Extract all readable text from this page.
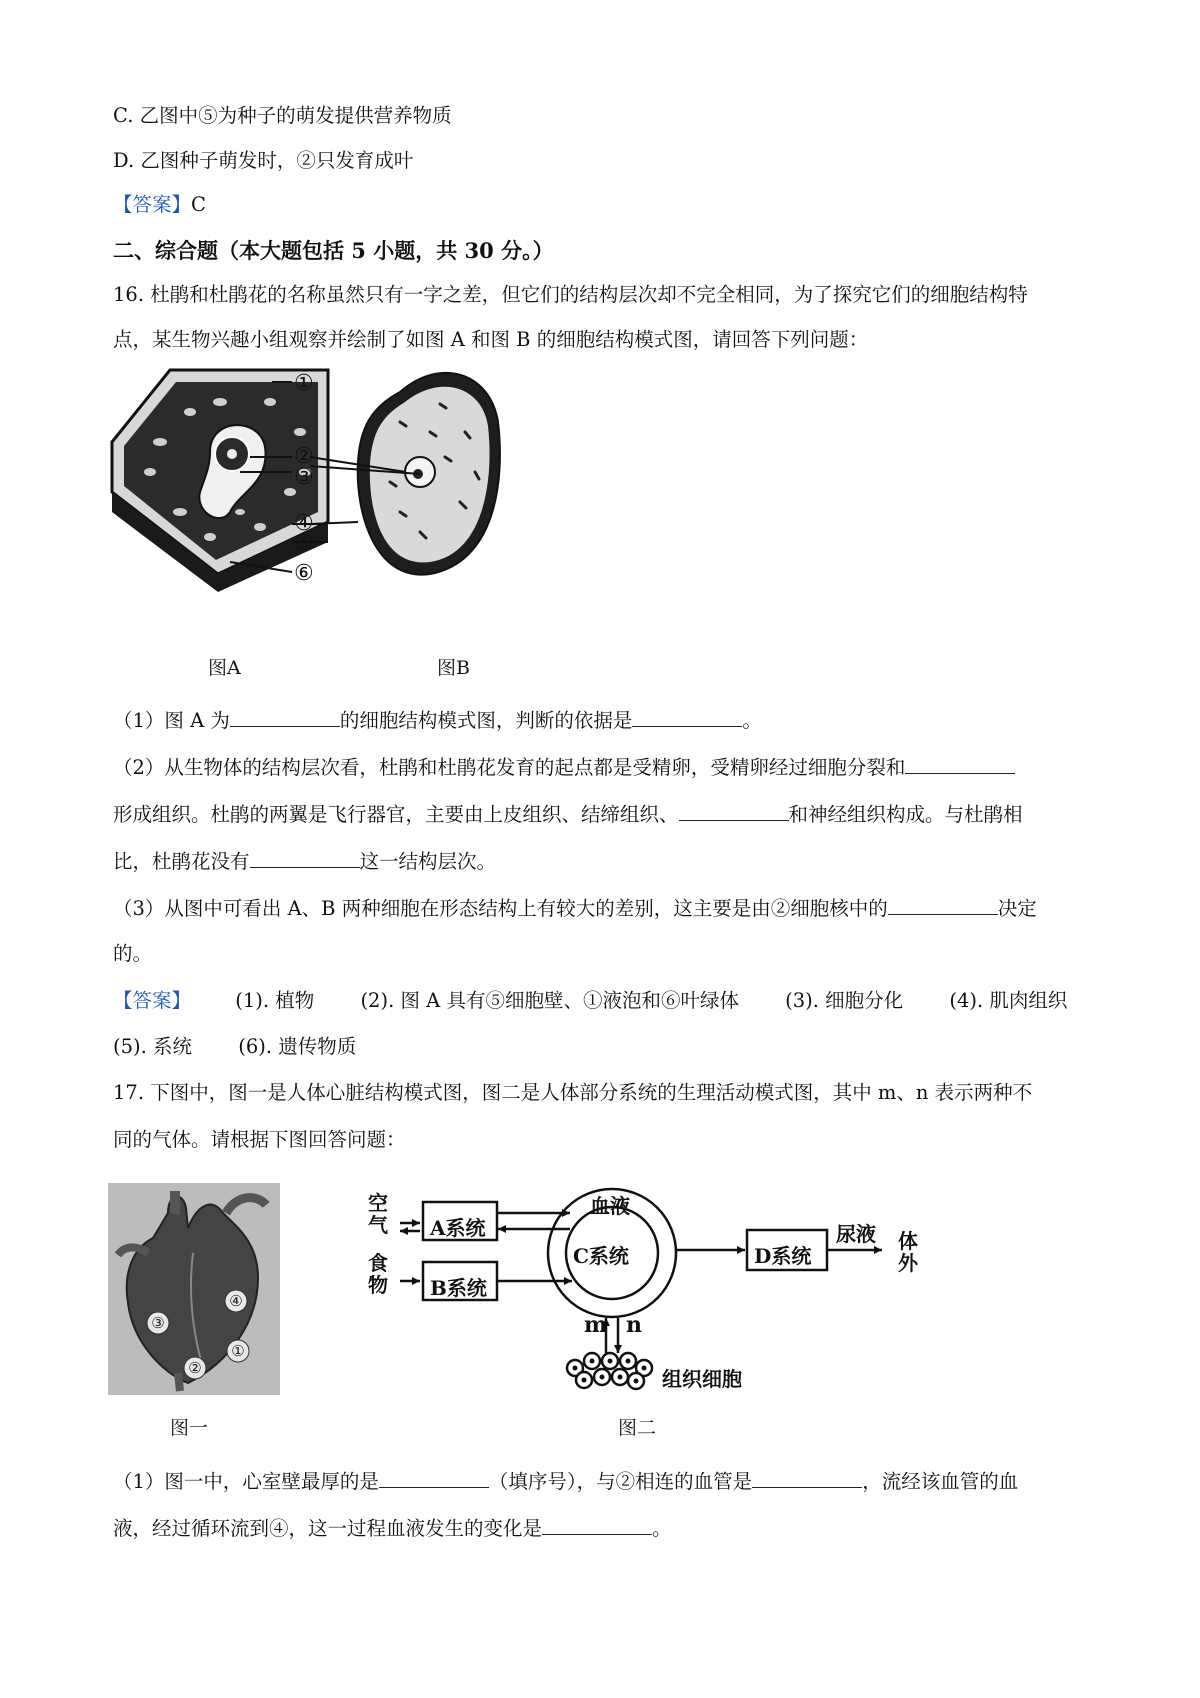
C. 乙图中⑤为种子的萌发提供营养物质
D. 乙图种子萌发时，②只发育成叶
【答案】C
二、综合题（本大题包括 5 小题，共 30 分。）
16. 杜鹃和杜鹃花的名称虽然只有一字之差，但它们的结构层次却不完全相同，为了探究它们的细胞结构特
点，某生物兴趣小组观察并绘制了如图 A 和图 B 的细胞结构模式图，请回答下列问题：
①
②
③
④
⑤
⑥
图A	图B
（1）图 A 为	的细胞结构模式图，判断的依据是	。
（2）从生物体的结构层次看，杜鹃和杜鹃花发育的起点都是受精卵，受精卵经过细胞分裂和
形成组织。杜鹃的两翼是飞行器官，主要由上皮组织、结缔组织、	和神经组织构成。与杜鹃相
比，杜鹃花没有	这一结构层次。
（3）从图中可看出 A、B 两种细胞在形态结构上有较大的差别，这主要是由②细胞核中的	决定
的。
【答案】 (1). 植物 (2). 图 A 具有⑤细胞壁、①液泡和⑥叶绿体 (3). 细胞分化 (4). 肌肉组织
(5). 系统 (6). 遗传物质
17. 下图中，图一是人体心脏结构模式图，图二是人体部分系统的生理活动模式图，其中 m、n 表示两种不
同的气体。请根据下图回答问题：
④
③
①
②
图一
空气
食物
A系统
B系统
血液
C系统	D系统
尿液 体外
m n
组织细胞
图二
（1）图一中，心室壁最厚的是	（填序号），与②相连的血管是	，流经该血管的血
液，经过循环流到④，这一过程血液发生的变化是	。
